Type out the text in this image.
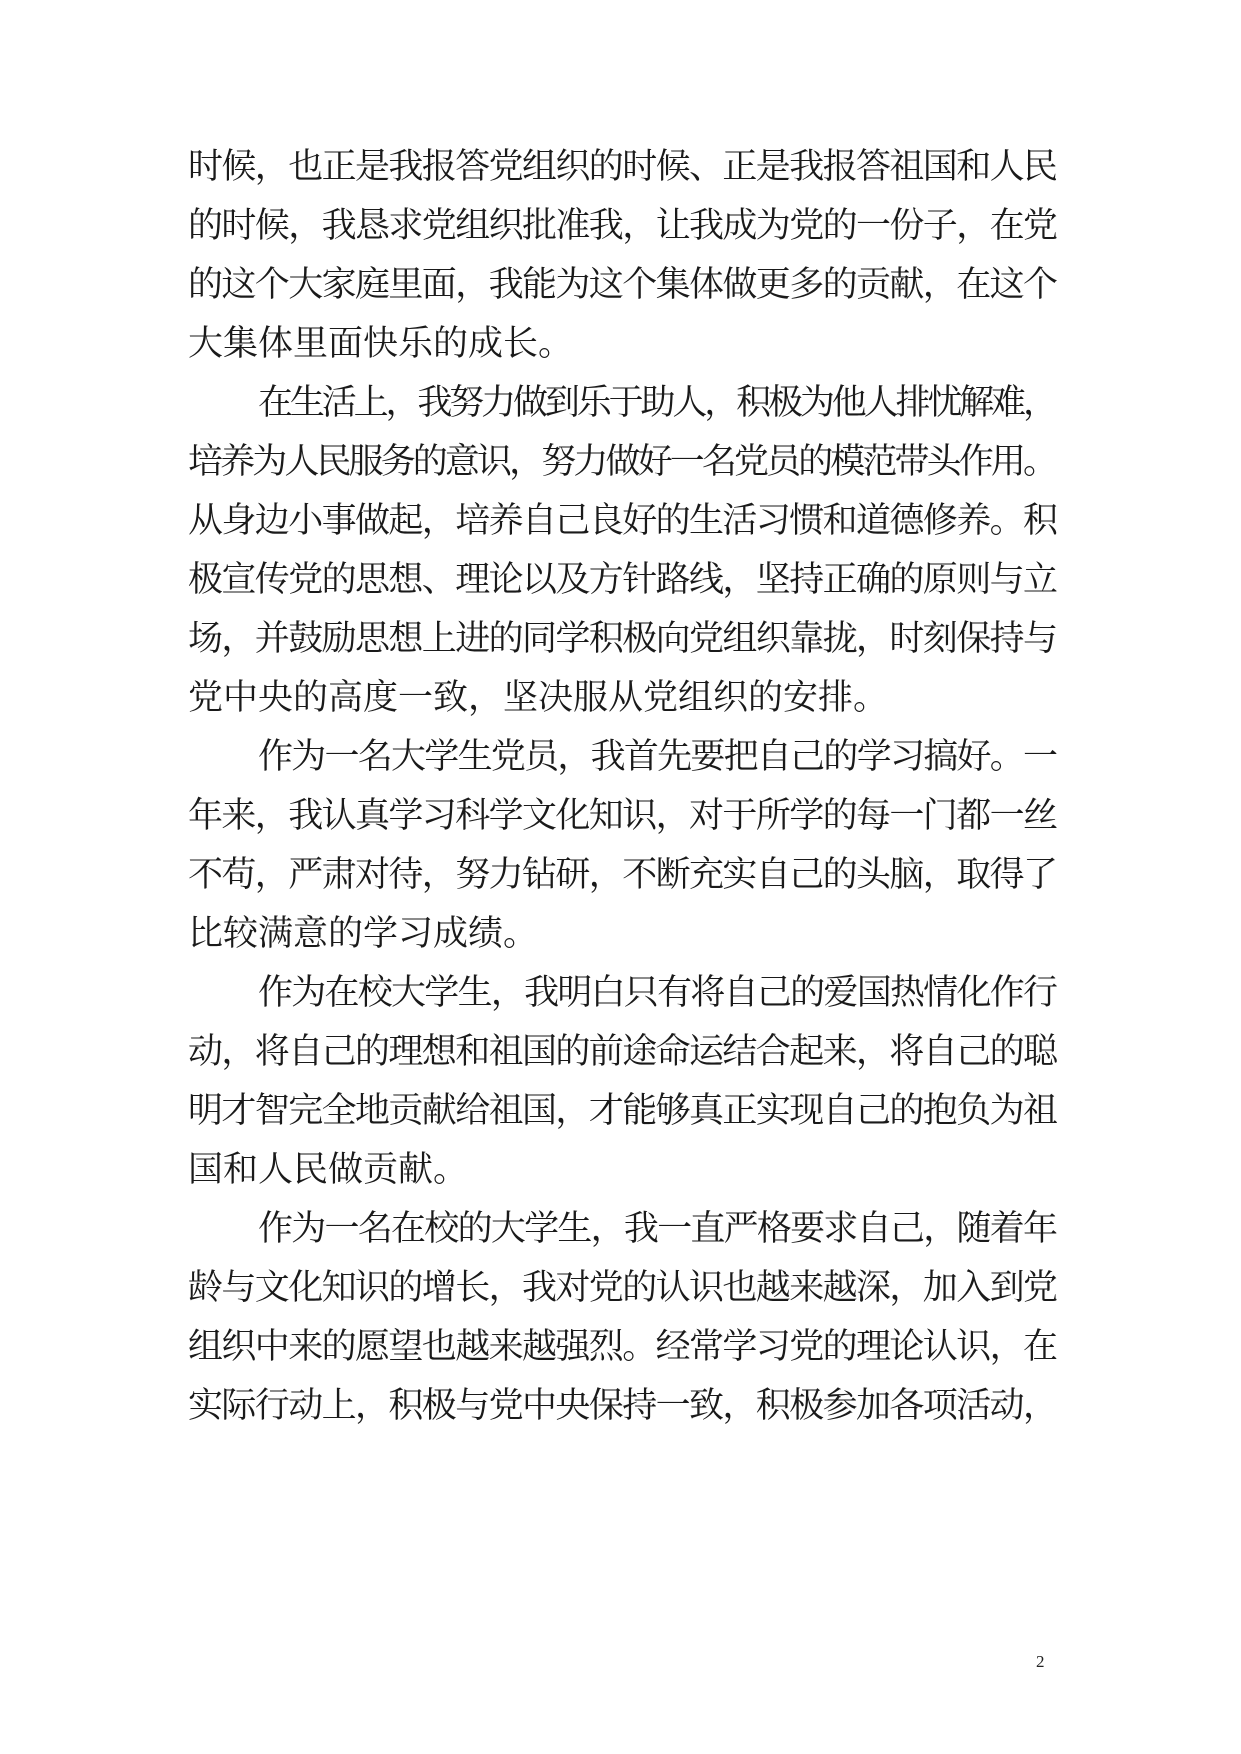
时候，也正是我报答党组织的时候、正是我报答祖国和人民
的时候，我恳求党组织批准我，让我成为党的一份子，在党
的这个大家庭里面，我能为这个集体做更多的贡献，在这个
大集体里面快乐的成长。
在生活上，我努力做到乐于助人，积极为他人排忧解难，
培养为人民服务的意识，努力做好一名党员的模范带头作用。
从身边小事做起，培养自己良好的生活习惯和道德修养。积
极宣传党的思想、理论以及方针路线，坚持正确的原则与立
场，并鼓励思想上进的同学积极向党组织靠拢，时刻保持与
党中央的高度一致，坚决服从党组织的安排。
作为一名大学生党员，我首先要把自己的学习搞好。一
年来，我认真学习科学文化知识，对于所学的每一门都一丝
不苟，严肃对待，努力钻研，不断充实自己的头脑，取得了
比较满意的学习成绩。
作为在校大学生，我明白只有将自己的爱国热情化作行
动，将自己的理想和祖国的前途命运结合起来，将自己的聪
明才智完全地贡献给祖国，才能够真正实现自己的抱负为祖
国和人民做贡献。
作为一名在校的大学生，我一直严格要求自己，随着年
龄与文化知识的增长，我对党的认识也越来越深，加入到党
组织中来的愿望也越来越强烈。经常学习党的理论认识，在
实际行动上，积极与党中央保持一致，积极参加各项活动，
2
